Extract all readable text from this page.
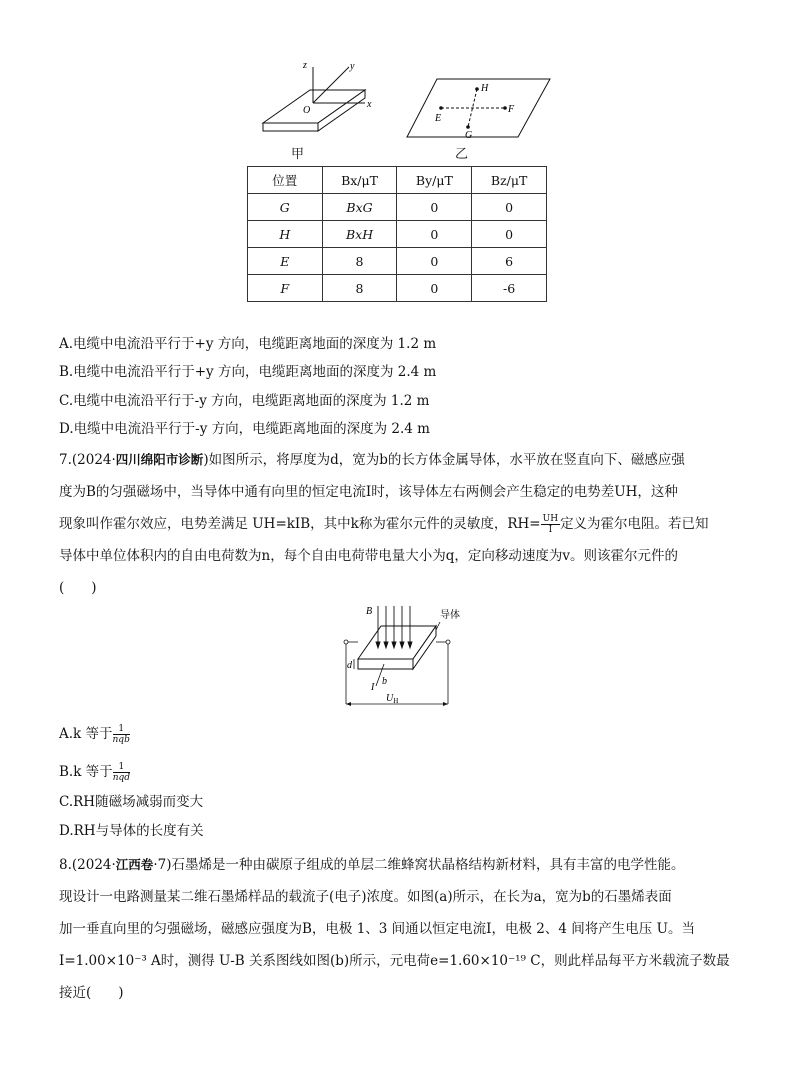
z	y
x
O
甲
H
F
E
G
乙
位置	Bx/μT	By/μT	Bz/μT
G	BxG	0	0
H	BxH	0	0
E	8	0	6
F	8	0	-6
A.电缆中电流沿平行于+y 方向，电缆距离地面的深度为 1.2 m
B.电缆中电流沿平行于+y 方向，电缆距离地面的深度为 2.4 m
C.电缆中电流沿平行于-y 方向，电缆距离地面的深度为 1.2 m
D.电缆中电流沿平行于-y 方向，电缆距离地面的深度为 2.4 m
7.(2024·四川绵阳市诊断)如图所示，将厚度为d，宽为b的长方体金属导体，水平放在竖直向下、磁感应强
度为B的匀强磁场中，当导体中通有向里的恒定电流I时，该导体左右两侧会产生稳定的电势差UH，这种
现象叫作霍尔效应，电势差满足 UH=kIB，其中k称为霍尔元件的灵敏度，$RH= \frac{UH}{I}$ 定义为霍尔电阻。若已知
导体中单位体积内的自由电荷数为n，每个自由电荷带电量大小为q，定向移动速度为v。则该霍尔元件的
(　　)
B	导体
d
I
b
$U_H$
A.k 等于 $\frac{1}{\text{nqb}}$
B.k 等于 $\frac{1}{\text{nqd}}$
C.RH随磁场减弱而变大
D.RH与导体的长度有关
8.(2024·江西卷·7)石墨烯是一种由碳原子组成的单层二维蜂窝状晶格结构新材料，具有丰富的电学性能。
现设计一电路测量某二维石墨烯样品的载流子(电子)浓度。如图(a)所示，在长为a，宽为b的石墨烯表面
加一垂直向里的匀强磁场，磁感应强度为B，电极 1、3 间通以恒定电流I，电极 2、4 间将产生电压 U。当
I=1.00×10⁻³ A时，测得 U-B 关系图线如图(b)所示，元电荷e=1.60×10⁻¹⁹ C，则此样品每平方米载流子数最
接近(　　)
